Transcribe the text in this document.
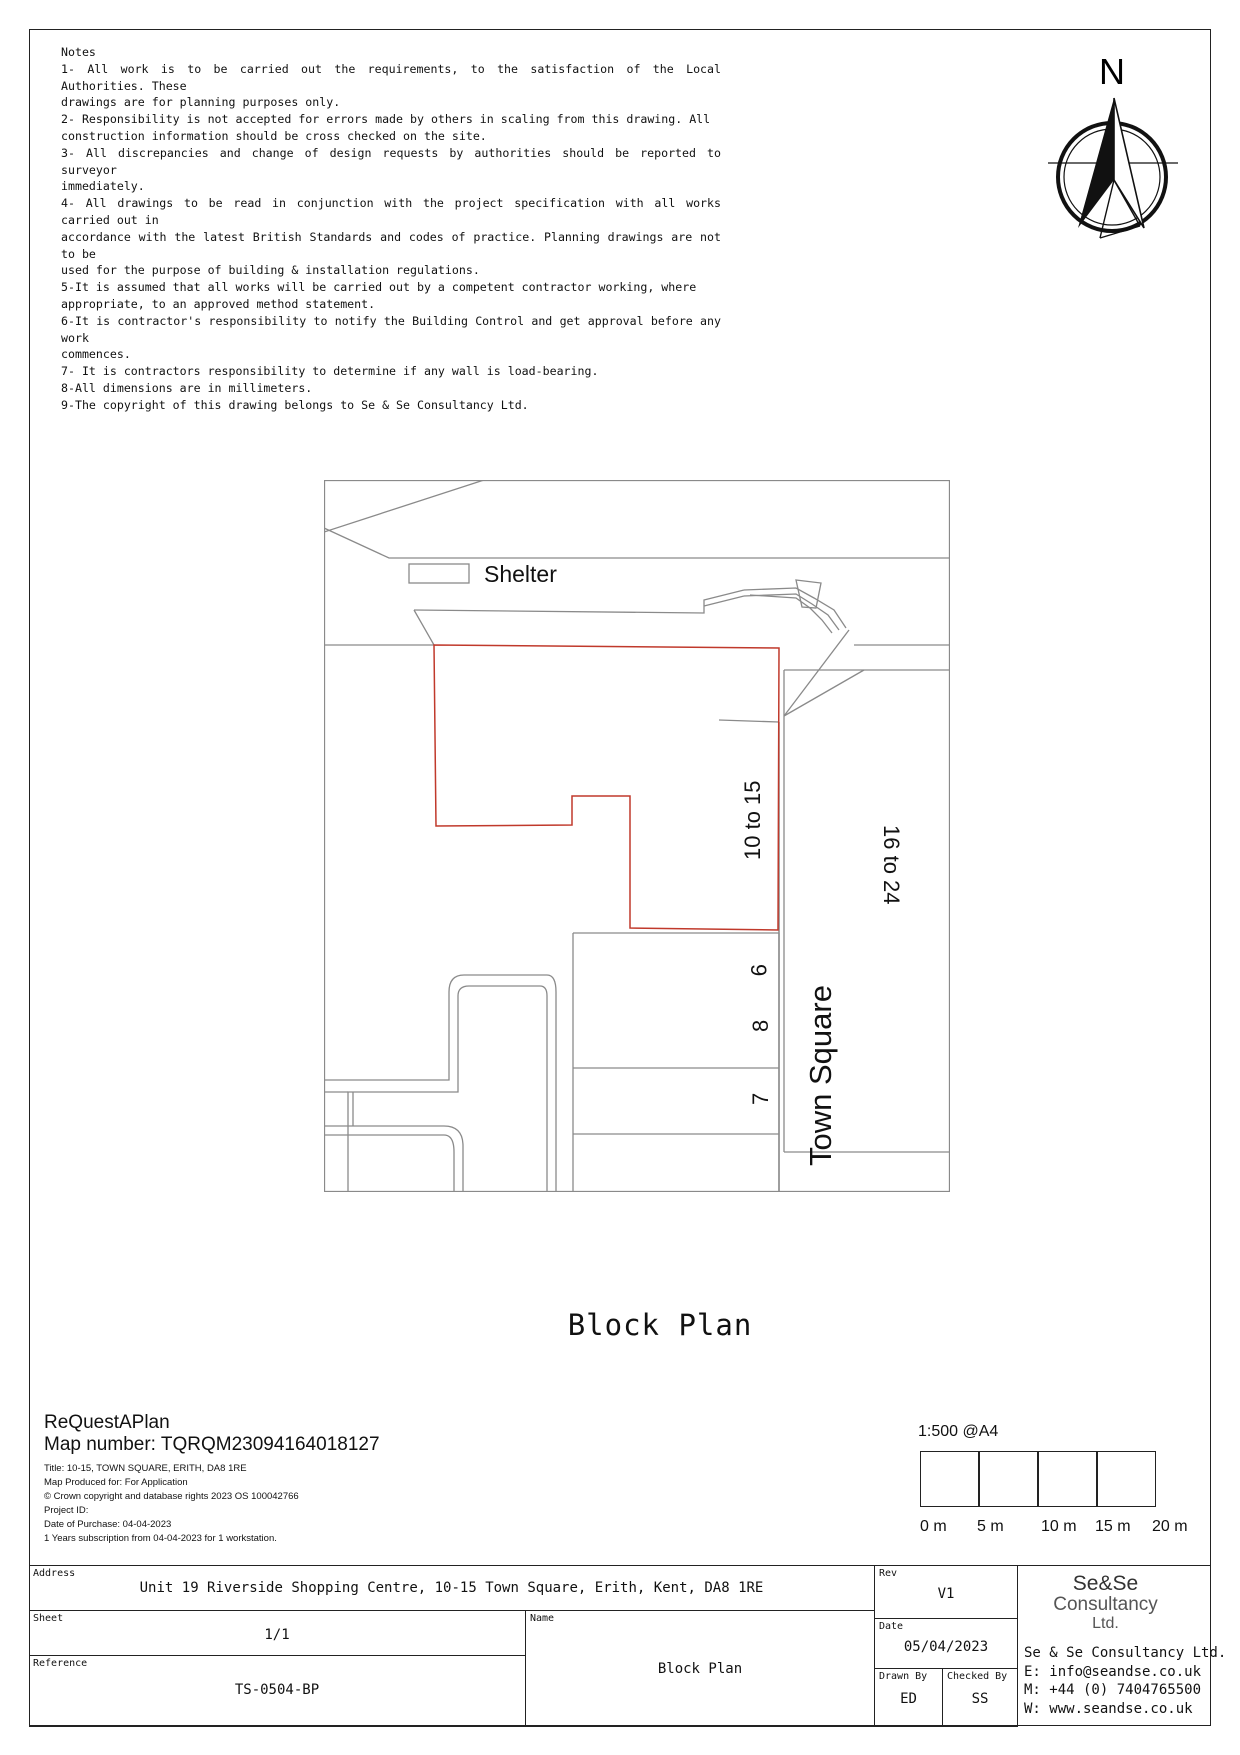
Notes
1- All work is to be carried out the requirements, to the satisfaction of the Local Authorities. These
drawings are for planning purposes only.
2- Responsibility is not accepted for errors made by others in scaling from this drawing. All
construction information should be cross checked on the site.
3- All discrepancies and change of design requests by authorities should be reported to surveyor
immediately.
4- All drawings to be read in conjunction with the project specification with all works carried out in
accordance with the latest British Standards and codes of practice. Planning drawings are not to be
used for the purpose of building & installation regulations.
5-It is assumed that all works will be carried out by a competent contractor working, where
appropriate, to an approved method statement.
6-It is contractor's responsibility to notify the Building Control and get approval before any work
commences.
7- It is contractors responsibility to determine if any wall is load-bearing.
8-All dimensions are in millimeters.
9-The copyright of this drawing belongs to Se & Se Consultancy Ltd.
N
Shelter
10 to 15
16 to 24
Town Square
9
8
7
Block Plan
ReQuestAPlan
Map number: TQRQM23094164018127
Title: 10-15, TOWN SQUARE, ERITH, DA8 1RE
Map Produced for: For Application
© Crown copyright and database rights 2023 OS 100042766
Project ID:
Date of Purchase: 04-04-2023
1 Years subscription from 04-04-2023 for 1 workstation.
1:500 @A4
0 m 5 m 10 m 15 m 20 m
Address
Unit 19 Riverside Shopping Centre, 10-15 Town Square, Erith, Kent, DA8 1RE
Sheet
1/1
Reference
TS-0504-BP
Name
Block Plan
Rev
V1
Date
05/04/2023
Drawn By
ED
Checked By
SS
Se&Se
Consultancy
Ltd.
Se & Se Consultancy Ltd.
E: info@seandse.co.uk
M: +44 (0) 7404765500
W: www.seandse.co.uk
